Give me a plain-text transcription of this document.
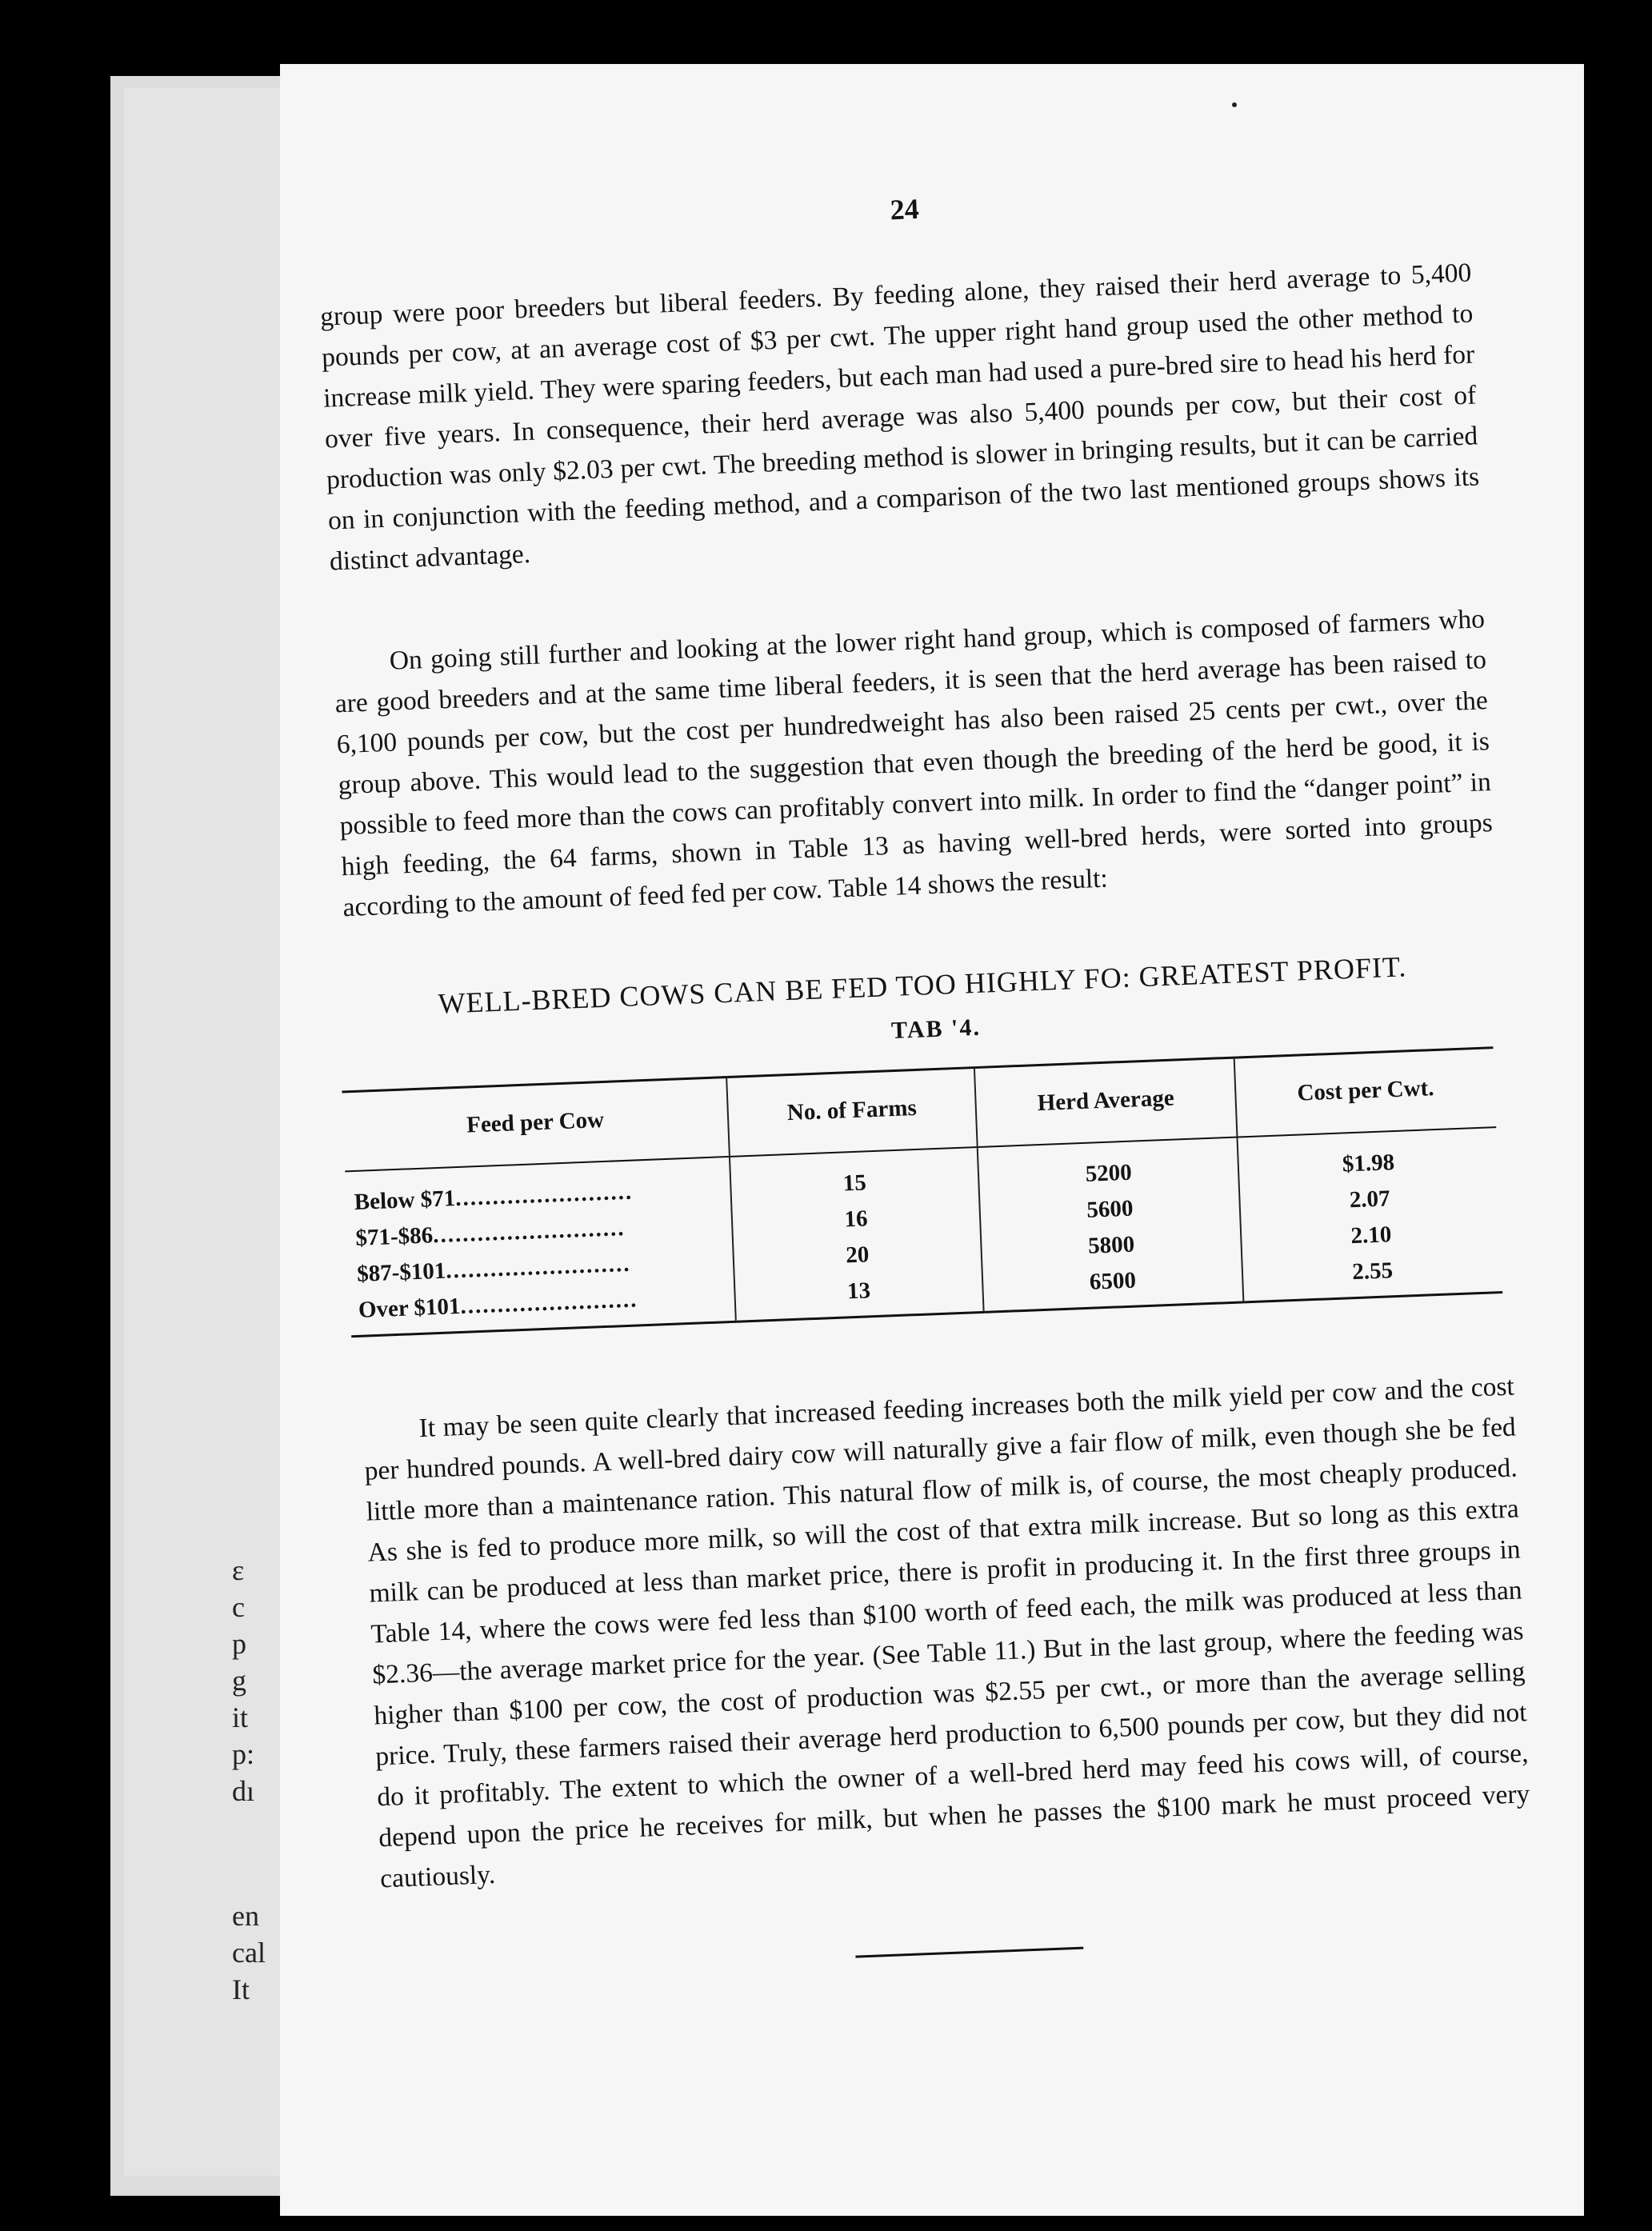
ɛ
c
p
g
it
p:
dı
en
cal
It
24

group were poor breeders but liberal feeders. By feeding alone, they raised their herd average to 5,400 pounds per cow, at an average cost of $3 per cwt. The upper right hand group used the other method to increase milk yield. They were sparing feeders, but each man had used a pure-bred sire to head his herd for over five years. In consequence, their herd average was also 5,400 pounds per cow, but their cost of production was only $2.03 per cwt. The breeding method is slower in bringing results, but it can be carried on in conjunction with the feeding method, and a comparison of the two last mentioned groups shows its distinct advantage.

On going still further and looking at the lower right hand group, which is composed of farmers who are good breeders and at the same time liberal feeders, it is seen that the herd average has been raised to 6,100 pounds per cow, but the cost per hundredweight has also been raised 25 cents per cwt., over the group above. This would lead to the suggestion that even though the breeding of the herd be good, it is possible to feed more than the cows can profitably convert into milk. In order to find the “danger point” in high feeding, the 64 farms, shown in Table 13 as having well-bred herds, were sorted into groups according to the amount of feed fed per cow. Table 14 shows the result:

WELL-BRED COWS CAN BE FED TOO HIGHLY FO: GREATEST PROFIT.
TAB '4.
Feed per Cow	No. of Farms	Herd Average	Cost per Cwt.
Below $71........................	15	5200	$1.98
$71-$86..........................	16	5600	2.07
$87-$101.........................	20	5800	2.10
Over $101........................	13	6500	2.55

It may be seen quite clearly that increased feeding increases both the milk yield per cow and the cost per hundred pounds. A well-bred dairy cow will naturally give a fair flow of milk, even though she be fed little more than a maintenance ration. This natural flow of milk is, of course, the most cheaply produced. As she is fed to produce more milk, so will the cost of that extra milk increase. But so long as this extra milk can be produced at less than market price, there is profit in producing it. In the first three groups in Table 14, where the cows were fed less than $100 worth of feed each, the milk was produced at less than $2.36—the average market price for the year. (See Table 11.) But in the last group, where the feeding was higher than $100 per cow, the cost of production was $2.55 per cwt., or more than the average selling price. Truly, these farmers raised their average herd production to 6,500 pounds per cow, but they did not do it profitably. The extent to which the owner of a well-bred herd may feed his cows will, of course, depend upon the price he receives for milk, but when he passes the $100 mark he must proceed very cautiously.
